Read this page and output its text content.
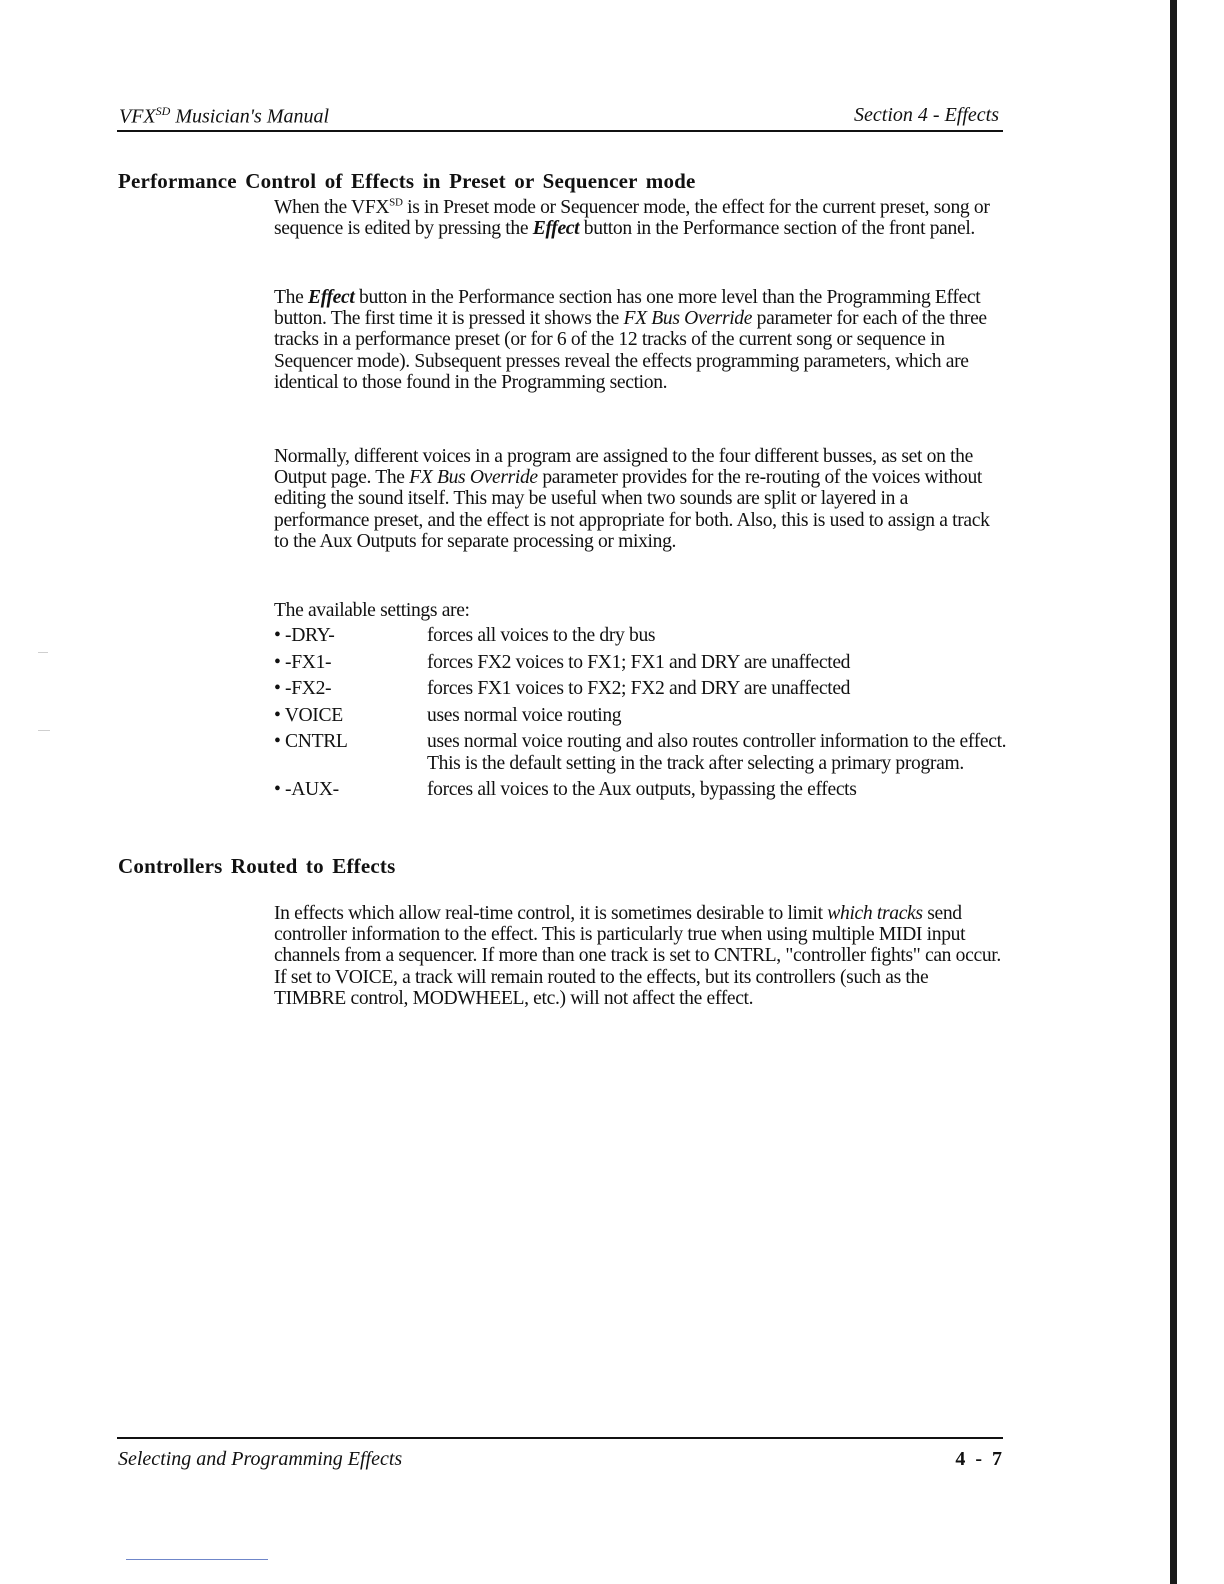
$VFX^{SD}$ Musician's Manual	Section 4 - Effects
Performance Control of Effects in Preset or Sequencer mode
When the $VFX^{SD}$ is in Preset mode or Sequencer mode, the effect for the current preset, song or sequence is edited by pressing the Effect button in the Performance section of the front panel.
The Effect button in the Performance section has one more level than the Programming Effect button. The first time it is pressed it shows the FX Bus Override parameter for each of the three tracks in a performance preset (or for 6 of the 12 tracks of the current song or sequence in Sequencer mode). Subsequent presses reveal the effects programming parameters, which are identical to those found in the Programming section.
Normally, different voices in a program are assigned to the four different busses, as set on the Output page. The FX Bus Override parameter provides for the re-routing of the voices without editing the sound itself. This may be useful when two sounds are split or layered in a performance preset, and the effect is not appropriate for both. Also, this is used to assign a track to the Aux Outputs for separate processing or mixing.
The available settings are:
• -DRY-	forces all voices to the dry bus
• -FX1-	forces FX2 voices to FX1; FX1 and DRY are unaffected
• -FX2-	forces FX1 voices to FX2; FX2 and DRY are unaffected
• VOICE	uses normal voice routing
• CNTRL	uses normal voice routing and also routes controller information to the effect. This is the default setting in the track after selecting a primary program.
• -AUX-	forces all voices to the Aux outputs, bypassing the effects
Controllers Routed to Effects
In effects which allow real-time control, it is sometimes desirable to limit which tracks send controller information to the effect. This is particularly true when using multiple MIDI input channels from a sequencer. If more than one track is set to CNTRL, "controller fights" can occur. If set to VOICE, a track will remain routed to the effects, but its controllers (such as the TIMBRE control, MODWHEEL, etc.) will not affect the effect.
Selecting and Programming Effects	4 - 7
